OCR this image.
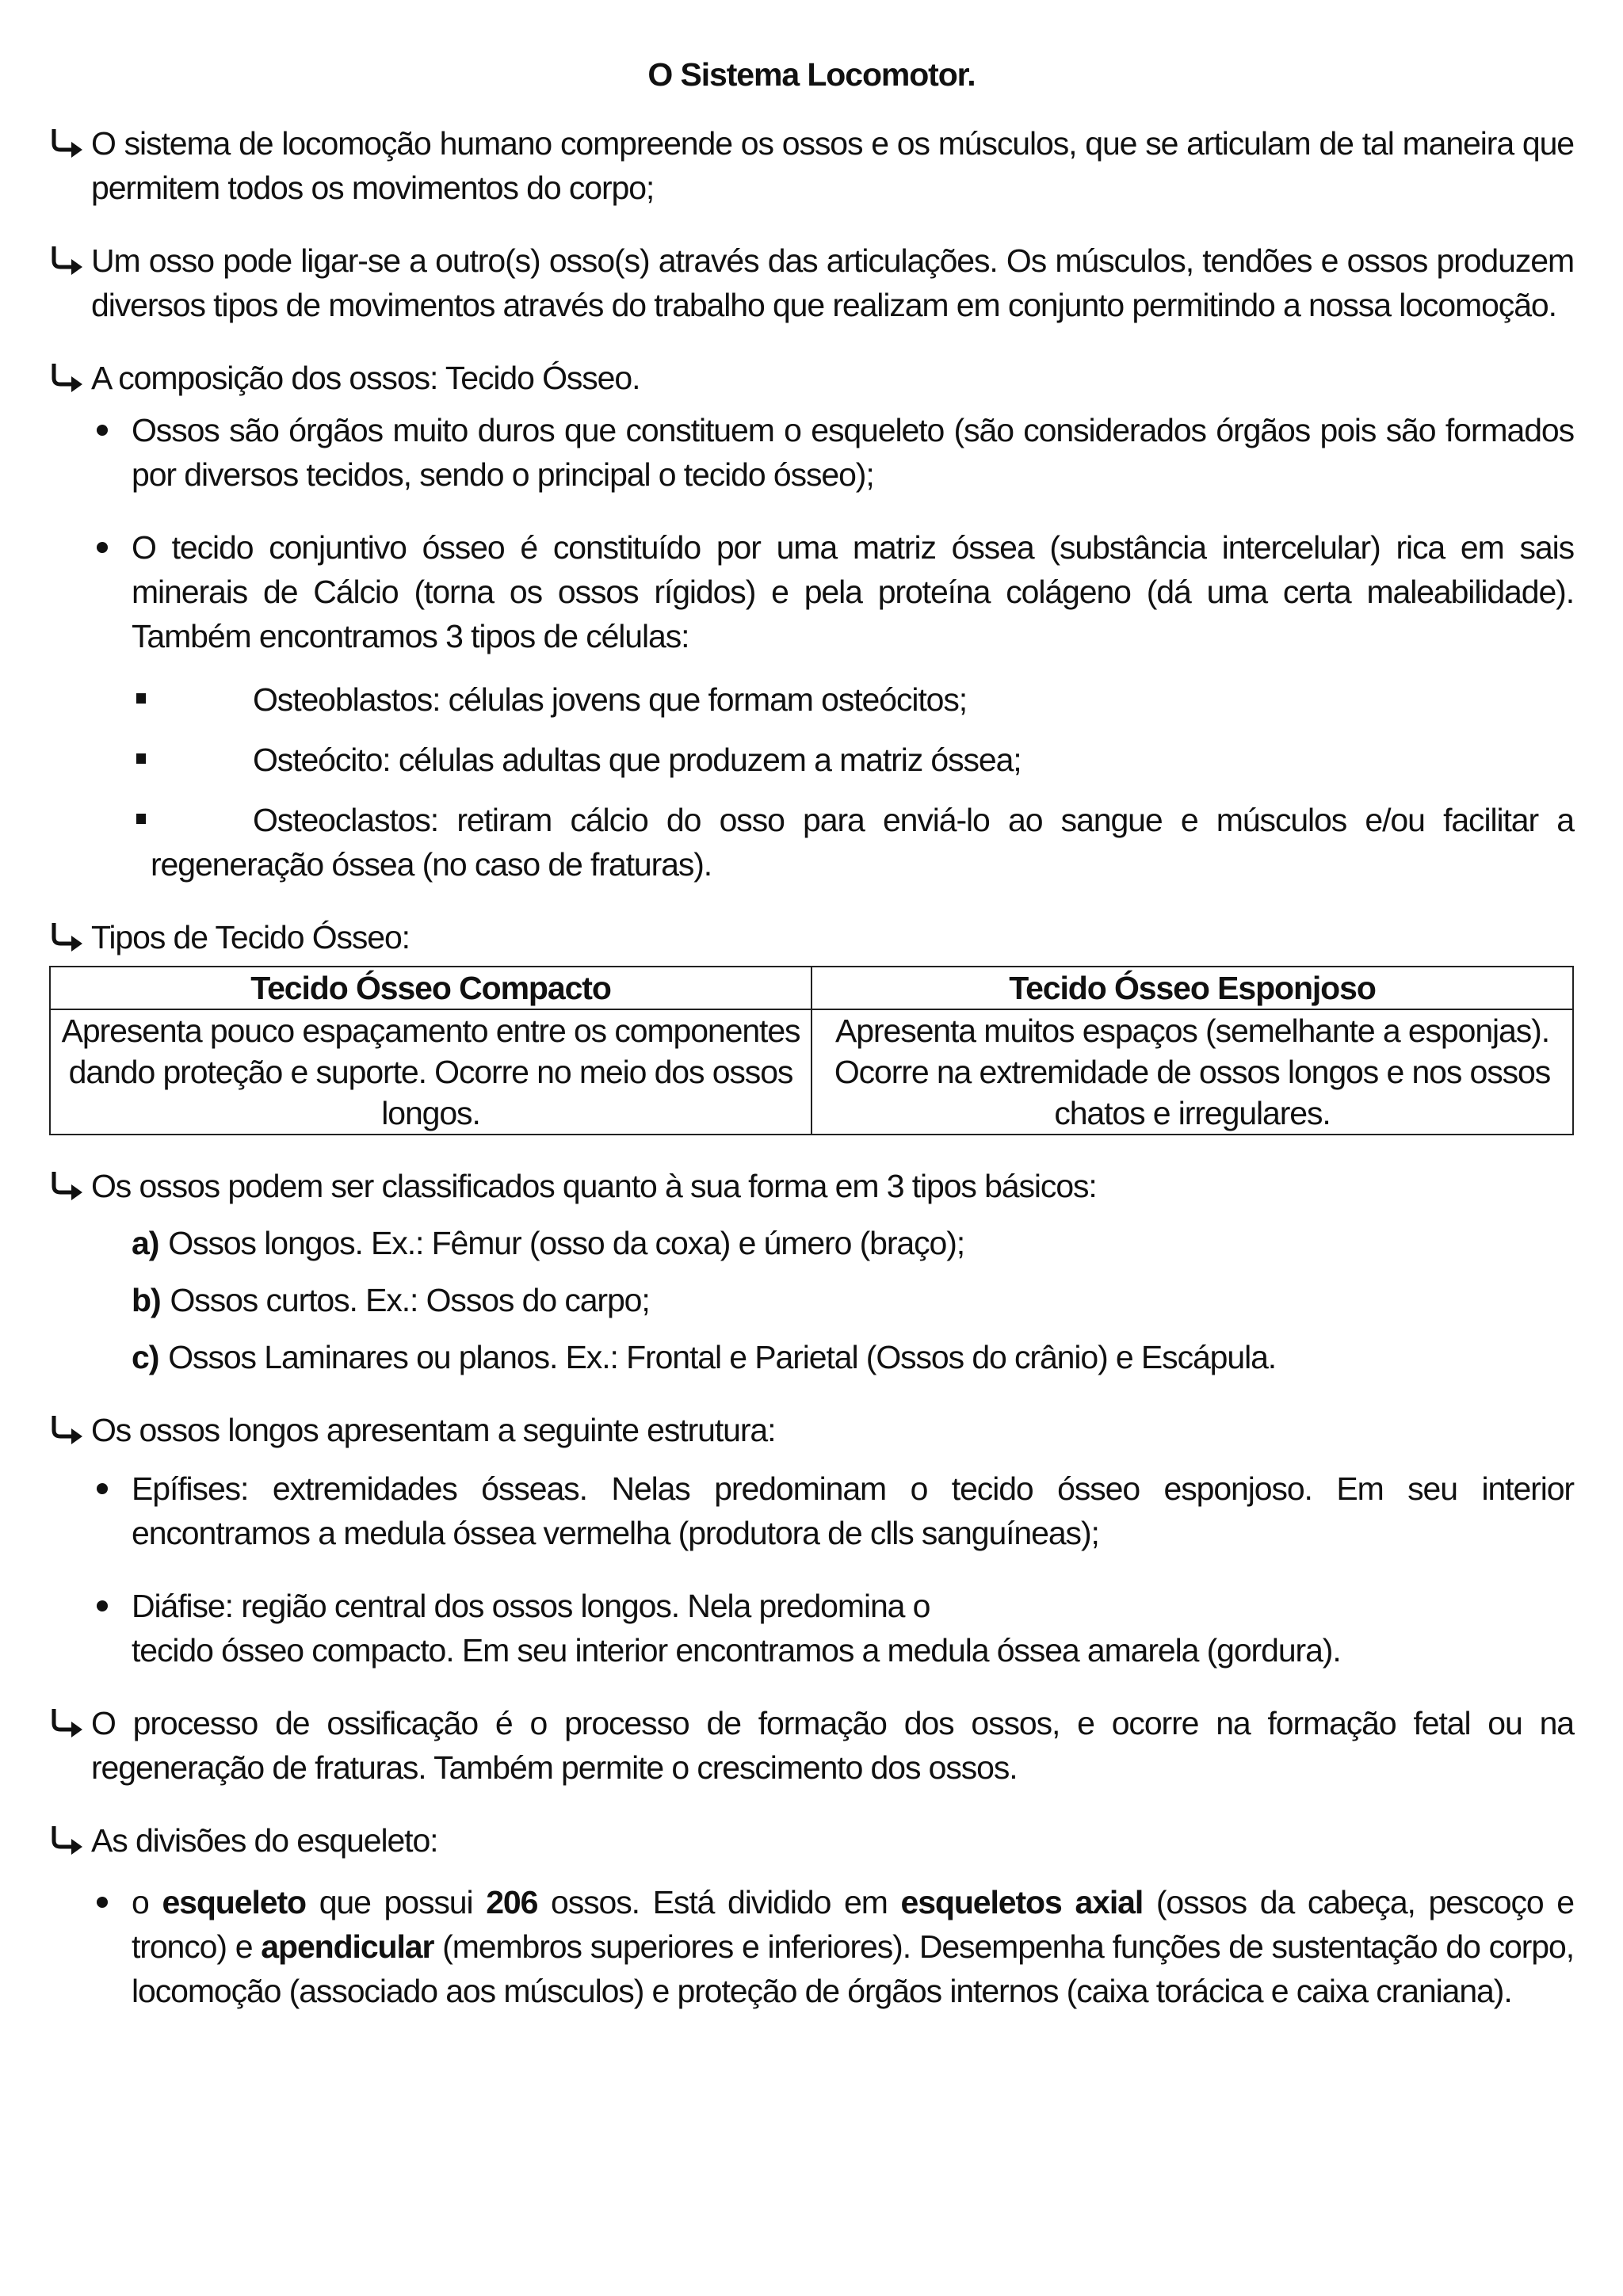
O Sistema Locomotor.
O sistema de locomoção humano compreende os ossos e os músculos, que se articulam de tal maneira que permitem todos os movimentos do corpo;
Um osso pode ligar-se a outro(s) osso(s) através das articulações. Os músculos, tendões e ossos produzem diversos tipos de movimentos através do trabalho que realizam em conjunto permitindo a nossa locomoção.
A composição dos ossos: Tecido Ósseo.
Ossos são órgãos muito duros que constituem o esqueleto (são considerados órgãos pois são formados por diversos tecidos, sendo o principal o tecido ósseo);
O tecido conjuntivo ósseo é constituído por uma matriz óssea (substância intercelular) rica em sais minerais de Cálcio (torna os ossos rígidos) e pela proteína colágeno (dá uma certa maleabilidade). Também encontramos 3 tipos de células:
Osteoblastos: células jovens que formam osteócitos;
Osteócito: células adultas que produzem a matriz óssea;
Osteoclastos: retiram cálcio do osso para enviá-lo ao sangue e músculos e/ou facilitar a regeneração óssea (no caso de fraturas).
Tipos de Tecido Ósseo:
Tecido Ósseo Compacto	Tecido Ósseo Esponjoso
Apresenta pouco espaçamento entre os componentes dando proteção e suporte. Ocorre no meio dos ossos longos.	Apresenta muitos espaços (semelhante a esponjas). Ocorre na extremidade de ossos longos e nos ossos chatos e irregulares.
Os ossos podem ser classificados quanto à sua forma em 3 tipos básicos:
a) Ossos longos. Ex.: Fêmur (osso da coxa) e úmero (braço);
b) Ossos curtos. Ex.: Ossos do carpo;
c) Ossos Laminares ou planos. Ex.: Frontal e Parietal (Ossos do crânio) e Escápula.
Os ossos longos apresentam a seguinte estrutura:
Epífises: extremidades ósseas. Nelas predominam o tecido ósseo esponjoso. Em seu interior encontramos a medula óssea vermelha (produtora de clls sanguíneas);
Diáfise: região central dos ossos longos. Nela predomina o
tecido ósseo compacto. Em seu interior encontramos a medula óssea amarela (gordura).
O processo de ossificação é o processo de formação dos ossos, e ocorre na formação fetal ou na regeneração de fraturas. Também permite o crescimento dos ossos.
As divisões do esqueleto:
o esqueleto que possui 206 ossos. Está dividido em esqueletos axial (ossos da cabeça, pescoço e tronco) e apendicular (membros superiores e inferiores). Desempenha funções de sustentação do corpo, locomoção (associado aos músculos) e proteção de órgãos internos (caixa torácica e caixa craniana).
